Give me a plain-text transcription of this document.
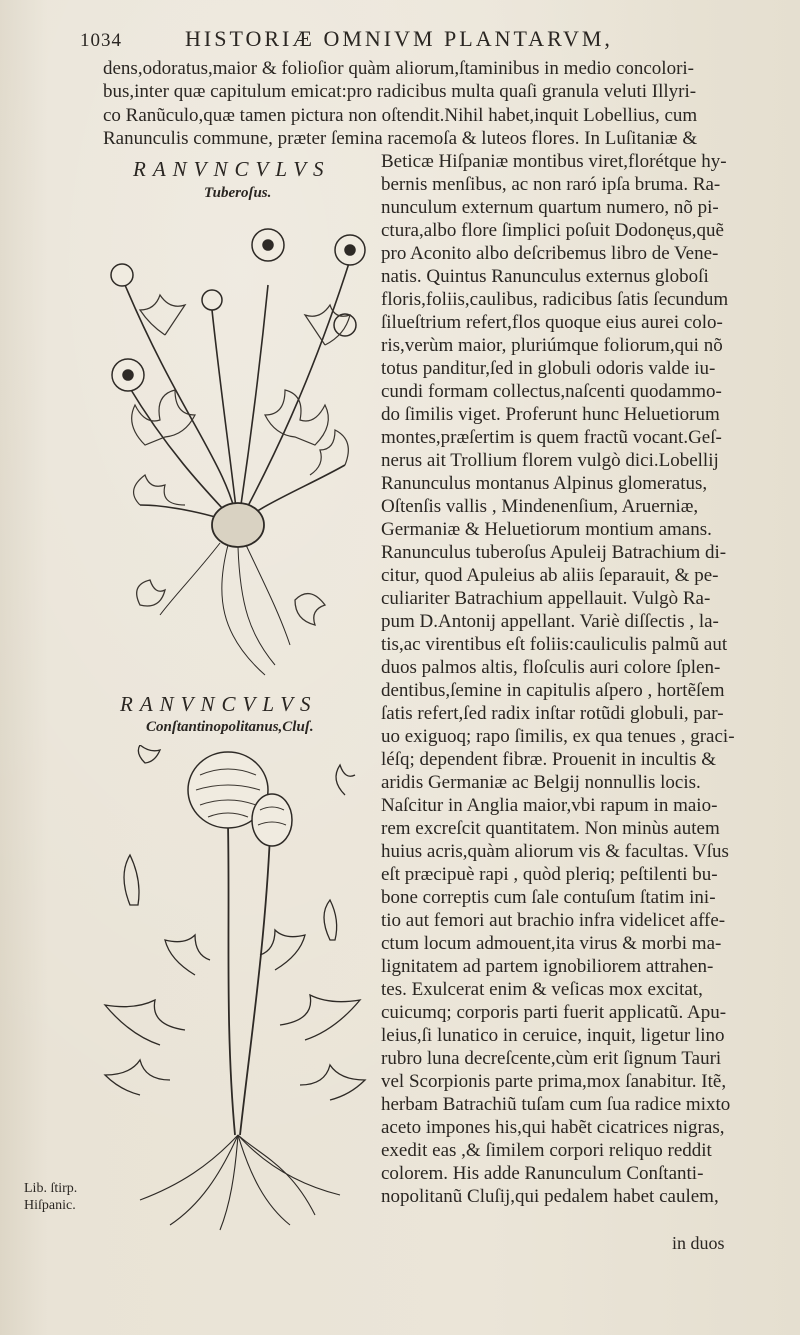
1034	HISTORIÆ OMNIVM PLANTARVM,
dens,odoratus,maior & folioſior quàm aliorum,ſtaminibus in medio concolori-
bus,inter quæ capitulum emicat:pro radicibus multa quaſi granula veluti Illyri-
co Ranũculo,quæ tamen pictura non oſtendit.Nihil habet,inquit Lobellius, cum
Ranunculis commune, præter ſemina racemoſa & luteos flores. In Luſitaniæ &
Beticæ Hiſpaniæ montibus viret,florétque hy-
bernis menſibus, ac non raró ipſa bruma. Ra-
nunculum externum quartum numero, nõ pi-
ctura,albo flore ſimplici poſuit Dodonęus,quẽ
pro Aconito albo deſcribemus libro de Vene-
natis. Quintus Ranunculus externus globoſi
floris,foliis,caulibus, radicibus ſatis ſecundum
ſilueſtrium refert,flos quoque eius aurei colo-
ris,verùm maior, pluriúmque foliorum,qui nõ
totus panditur,ſed in globuli odoris valde iu-
cundi formam collectus,naſcenti quodammo-
do ſimilis viget. Proferunt hunc Heluetiorum
montes,præſertim is quem fractũ vocant.Geſ-
nerus ait Trollium florem vulgò dici.Lobellij
Ranunculus montanus Alpinus glomeratus,
Oſtenſis vallis , Mindenenſium, Aruerniæ,
Germaniæ & Heluetiorum montium amans.
Ranunculus tuberoſus Apuleij Batrachium di-
citur, quod Apuleius ab aliis ſeparauit, & pe-
culiariter Batrachium appellauit. Vulgò Ra-
pum D.Antonij appellant. Variè diſſectis , la-
tis,ac virentibus eſt foliis:cauliculis palmũ aut
duos palmos altis, floſculis auri colore ſplen-
dentibus,ſemine in capitulis aſpero , hortẽſem
ſatis refert,ſed radix inſtar rotũdi globuli, par-
uo exiguoq; rapo ſimilis, ex qua tenues , graci-
léſq; dependent fibræ. Prouenit in incultis &
aridis Germaniæ ac Belgij nonnullis locis.
Naſcitur in Anglia maior,vbi rapum in maio-
rem excreſcit quantitatem. Non minùs autem
huius acris,quàm aliorum vis & facultas. Vſus
eſt præcipuè rapi , quòd pleriq; peſtilenti bu-
bone correptis cum ſale contuſum ſtatim ini-
tio aut femori aut brachio infra videlicet affe-
ctum locum admouent,ita virus & morbi ma-
lignitatem ad partem ignobiliorem attrahen-
tes. Exulcerat enim & veſicas mox excitat,
cuicumq; corporis parti fuerit applicatũ. Apu-
leius,ſi lunatico in ceruice, inquit, ligetur lino
rubro luna decreſcente,cùm erit ſignum Tauri
vel Scorpionis parte prima,mox ſanabitur. Itẽ,
herbam Batrachiũ tuſam cum ſua radice mixto
aceto impones his,qui habẽt cicatrices nigras,
exedit eas ,& ſimilem corpori reliquo reddit
colorem. His adde Ranunculum Conſtanti-
nopolitanũ Cluſij,qui pedalem habet caulem,
in duos
RANVNCVLVS
Tuberoſus.
RANVNCVLVS
Conſtantinopolitanus,Cluſ.
Lib. ſtirp.
Hiſpanic.
